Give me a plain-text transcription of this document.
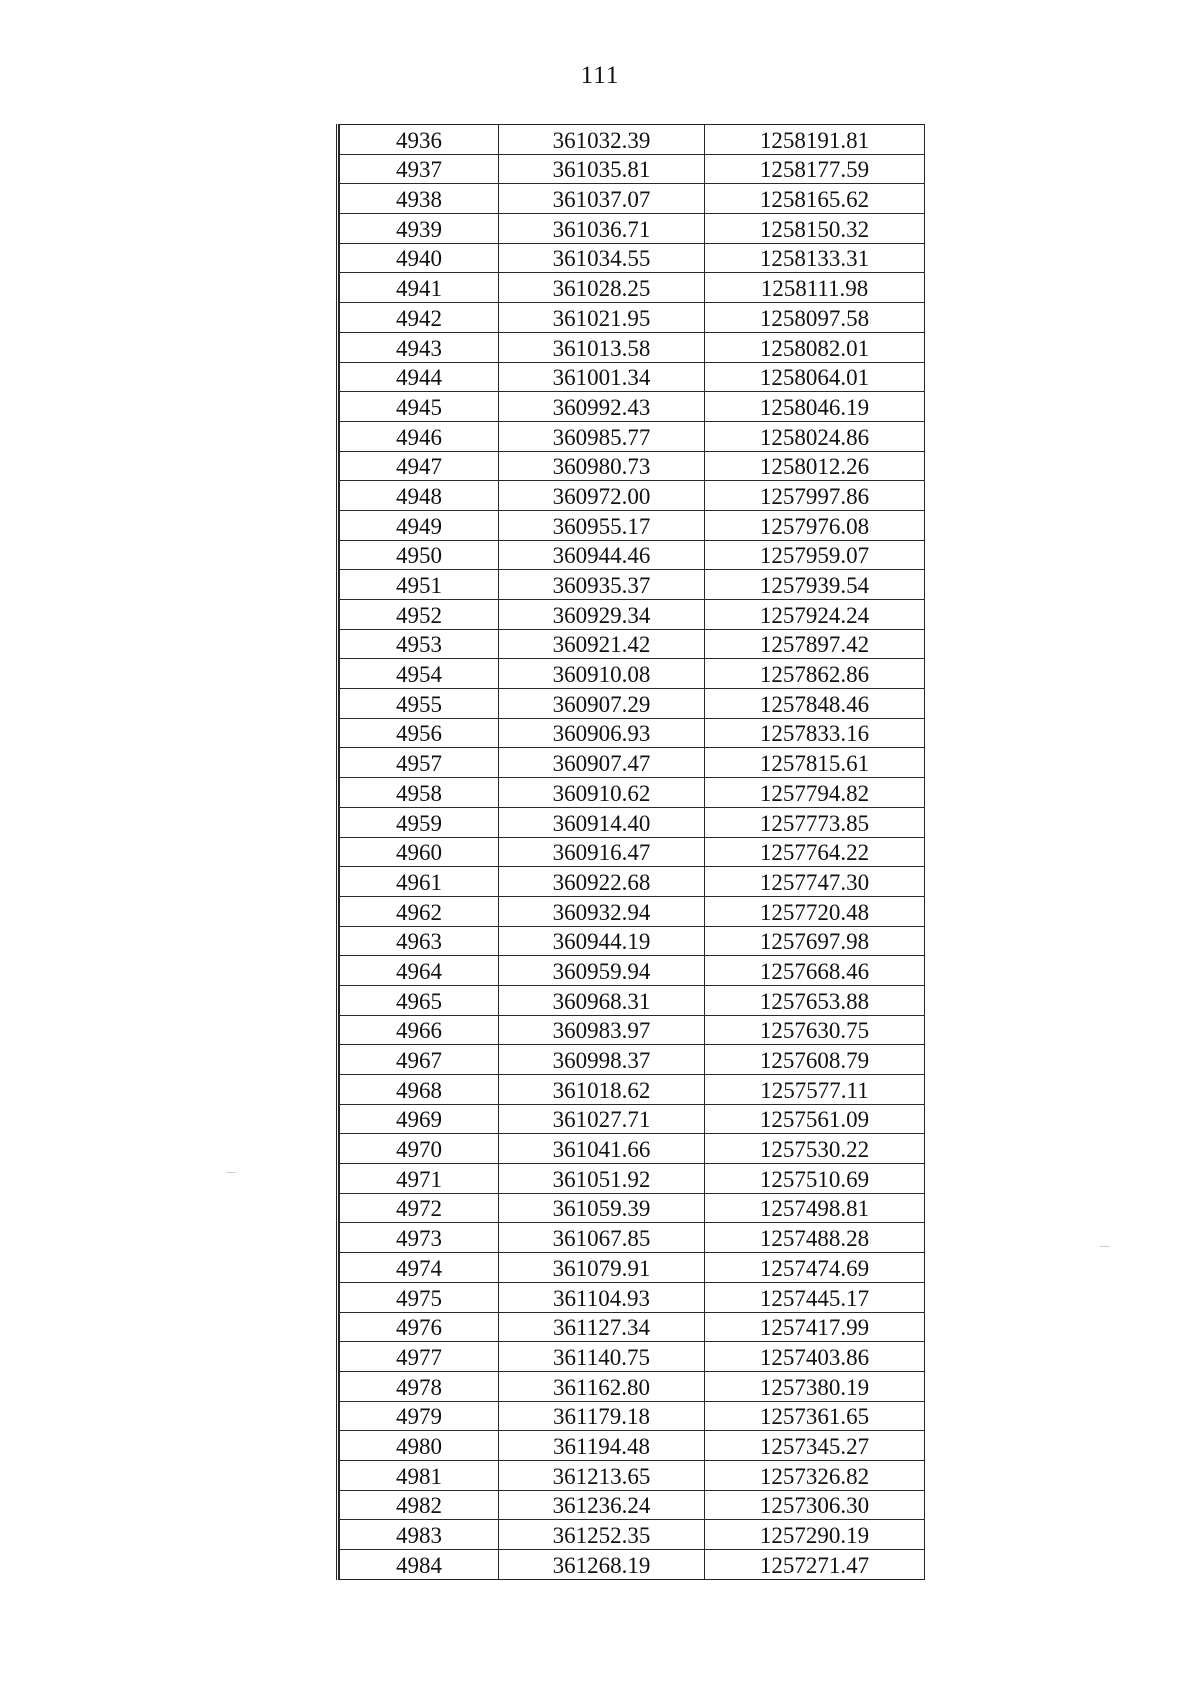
111
4936	361032.39	1258191.81
4937	361035.81	1258177.59
4938	361037.07	1258165.62
4939	361036.71	1258150.32
4940	361034.55	1258133.31
4941	361028.25	1258111.98
4942	361021.95	1258097.58
4943	361013.58	1258082.01
4944	361001.34	1258064.01
4945	360992.43	1258046.19
4946	360985.77	1258024.86
4947	360980.73	1258012.26
4948	360972.00	1257997.86
4949	360955.17	1257976.08
4950	360944.46	1257959.07
4951	360935.37	1257939.54
4952	360929.34	1257924.24
4953	360921.42	1257897.42
4954	360910.08	1257862.86
4955	360907.29	1257848.46
4956	360906.93	1257833.16
4957	360907.47	1257815.61
4958	360910.62	1257794.82
4959	360914.40	1257773.85
4960	360916.47	1257764.22
4961	360922.68	1257747.30
4962	360932.94	1257720.48
4963	360944.19	1257697.98
4964	360959.94	1257668.46
4965	360968.31	1257653.88
4966	360983.97	1257630.75
4967	360998.37	1257608.79
4968	361018.62	1257577.11
4969	361027.71	1257561.09
4970	361041.66	1257530.22
4971	361051.92	1257510.69
4972	361059.39	1257498.81
4973	361067.85	1257488.28
4974	361079.91	1257474.69
4975	361104.93	1257445.17
4976	361127.34	1257417.99
4977	361140.75	1257403.86
4978	361162.80	1257380.19
4979	361179.18	1257361.65
4980	361194.48	1257345.27
4981	361213.65	1257326.82
4982	361236.24	1257306.30
4983	361252.35	1257290.19
4984	361268.19	1257271.47
